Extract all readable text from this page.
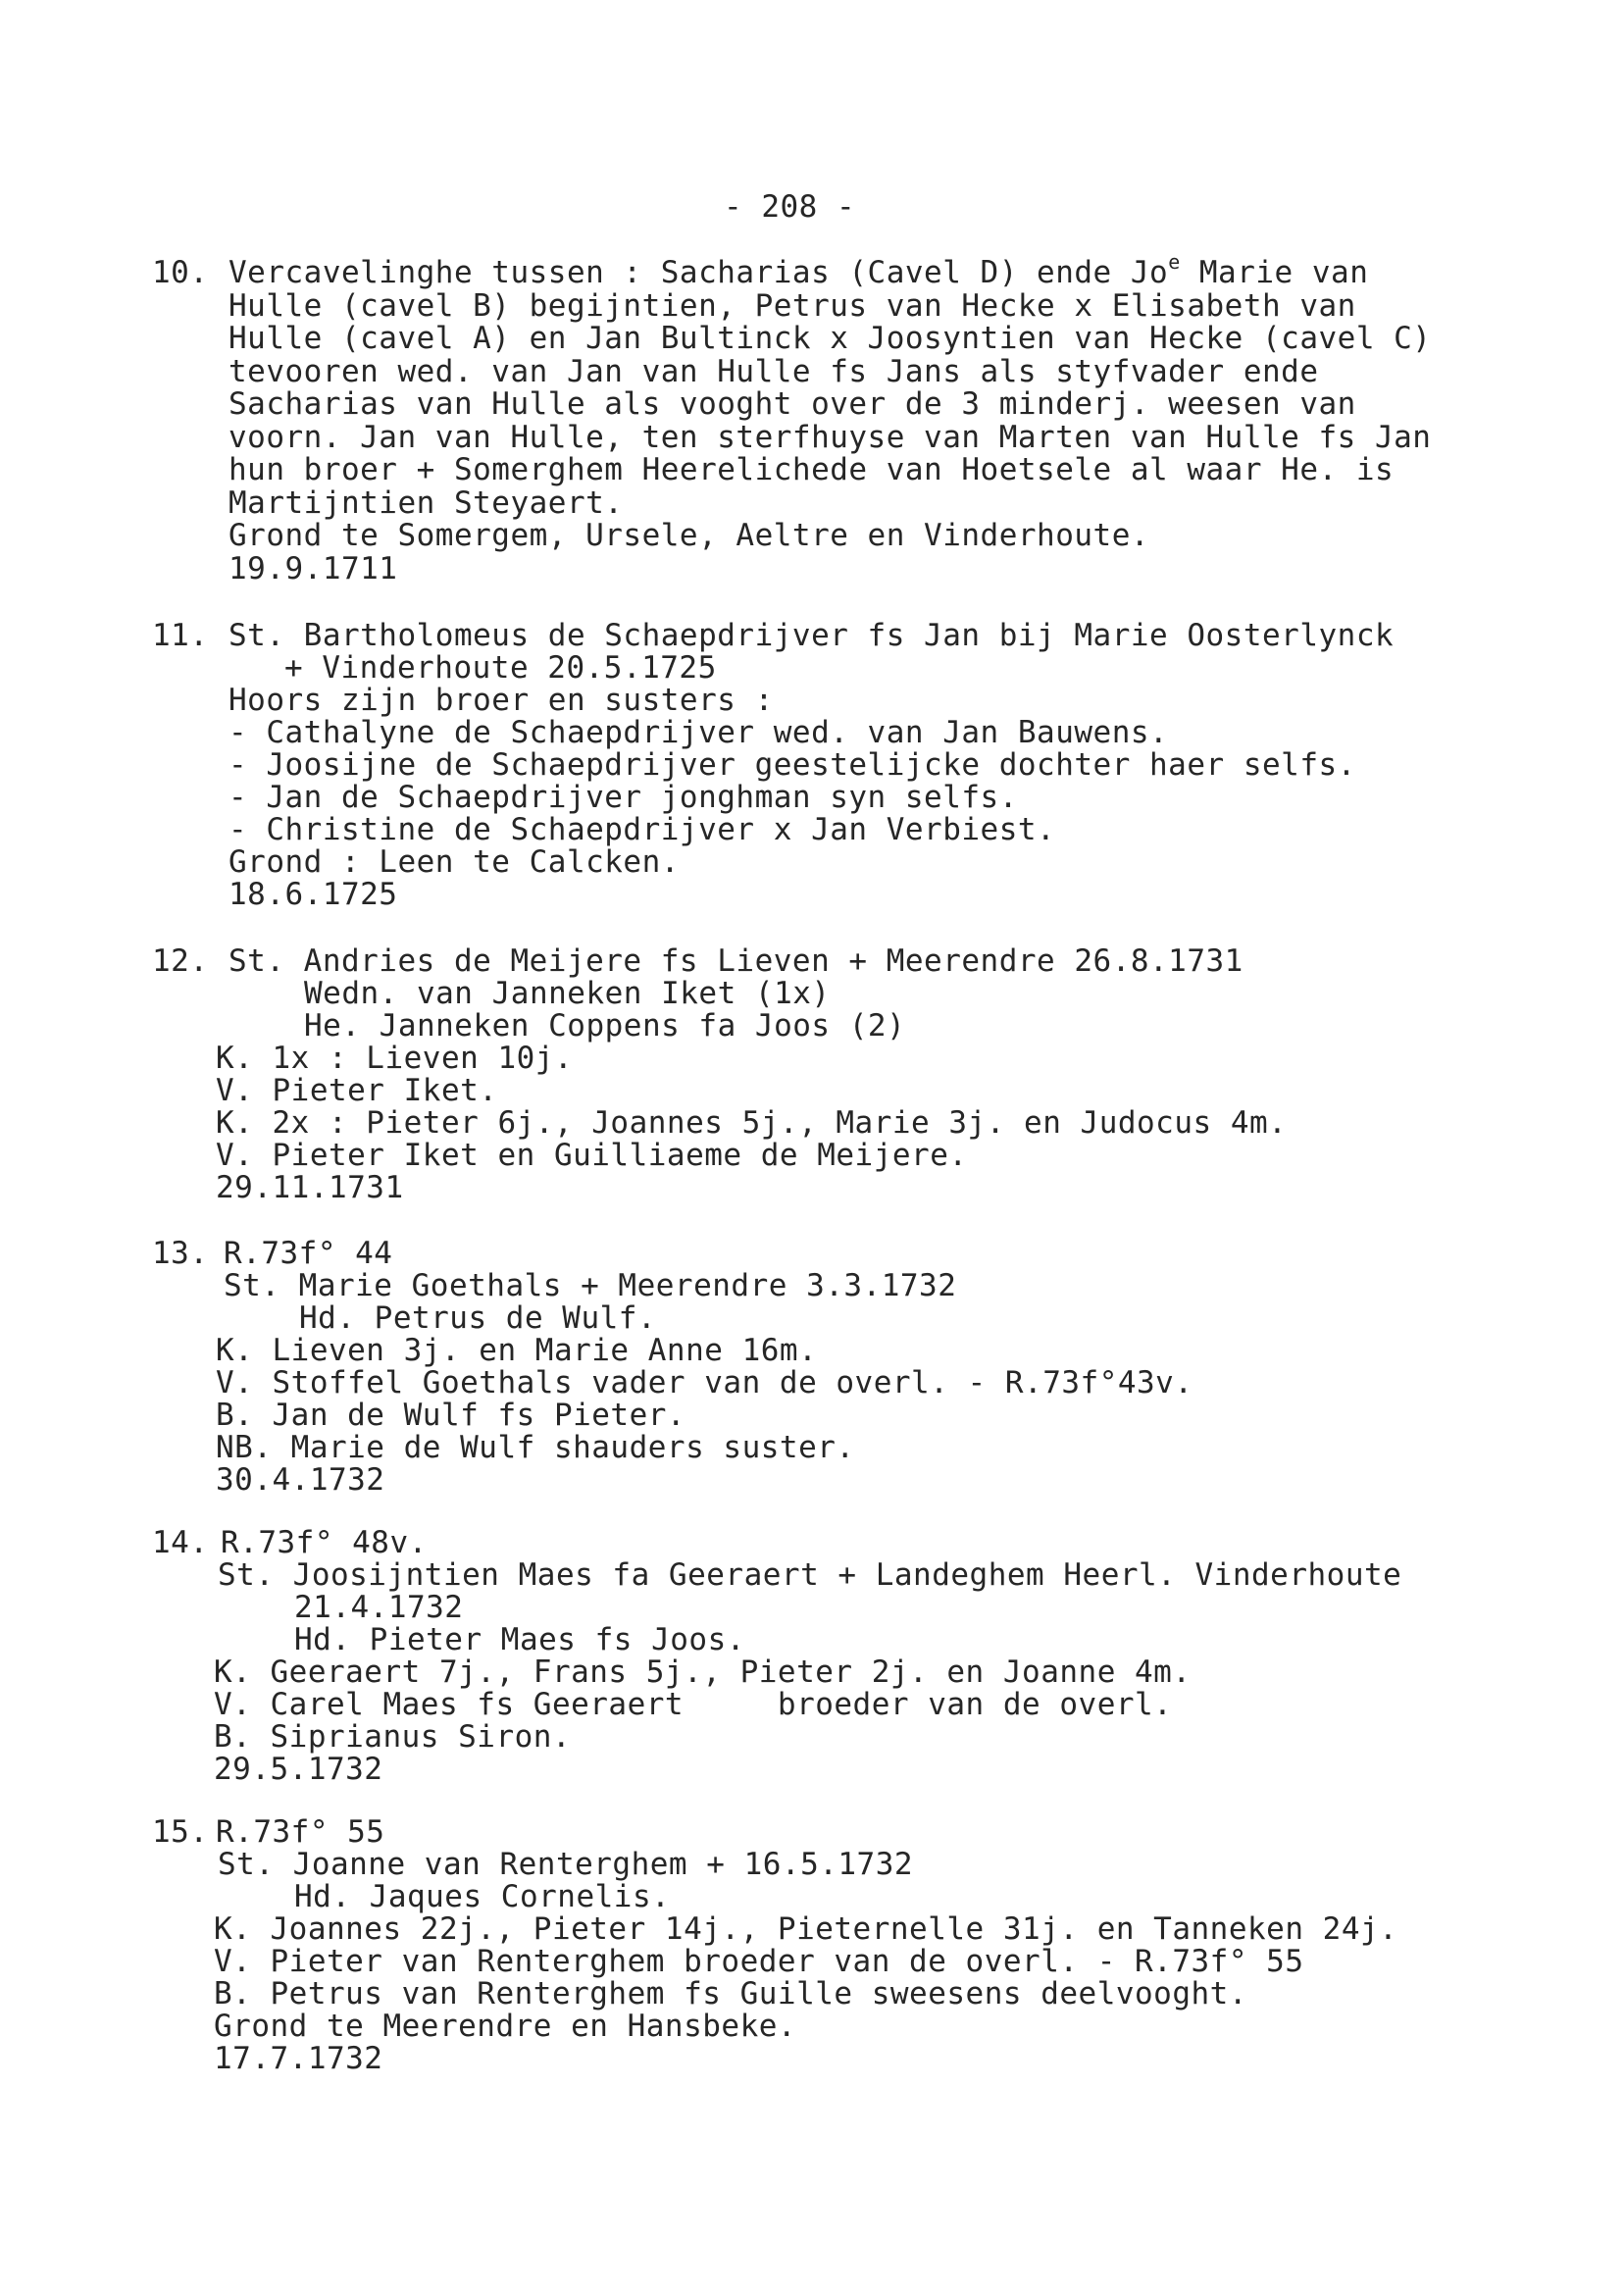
- 208 -
10. Vercavelinghe tussen : Sacharias (Cavel D) ende Jo$^e$ Marie van
Hulle (cavel B) begijntien, Petrus van Hecke x Elisabeth van
Hulle (cavel A) en Jan Bultinck x Joosyntien van Hecke (cavel C)
tevooren wed. van Jan van Hulle fs Jans als styfvader ende
Sacharias van Hulle als vooght over de 3 minderj. weesen van
voorn. Jan van Hulle, ten sterfhuyse van Marten van Hulle fs Jan
hun broer + Somerghem Heerelichede van Hoetsele al waar He. is
Martijntien Steyaert.
Grond te Somergem, Ursele, Aeltre en Vinderhoute.
19.9.1711
11. St. Bartholomeus de Schaepdrijver fs Jan bij Marie Oosterlynck
+ Vinderhoute 20.5.1725
Hoors zijn broer en susters :
- Cathalyne de Schaepdrijver wed. van Jan Bauwens.
- Joosijne de Schaepdrijver geestelijcke dochter haer selfs.
- Jan de Schaepdrijver jonghman syn selfs.
- Christine de Schaepdrijver x Jan Verbiest.
Grond : Leen te Calcken.
18.6.1725
12. St. Andries de Meijere fs Lieven + Meerendre 26.8.1731
Wedn. van Janneken Iket (1x)
He. Janneken Coppens fa Joos (2)
K. 1x : Lieven 10j.
V. Pieter Iket.
K. 2x : Pieter 6j., Joannes 5j., Marie 3j. en Judocus 4m.
V. Pieter Iket en Guilliaeme de Meijere.
29.11.1731
13. R.73f° 44
St. Marie Goethals + Meerendre 3.3.1732
Hd. Petrus de Wulf.
K. Lieven 3j. en Marie Anne 16m.
V. Stoffel Goethals vader van de overl. - R.73f°43v.
B. Jan de Wulf fs Pieter.
NB. Marie de Wulf shauders suster.
30.4.1732
14. R.73f° 48v.
St. Joosijntien Maes fa Geeraert + Landeghem Heerl. Vinderhoute
21.4.1732
Hd. Pieter Maes fs Joos.
K. Geeraert 7j., Frans 5j., Pieter 2j. en Joanne 4m.
V. Carel Maes fs Geeraert     broeder van de overl.
B. Siprianus Siron.
29.5.1732
15. R.73f° 55
St. Joanne van Renterghem + 16.5.1732
Hd. Jaques Cornelis.
K. Joannes 22j., Pieter 14j., Pieternelle 31j. en Tanneken 24j.
V. Pieter van Renterghem broeder van de overl. - R.73f° 55
B. Petrus van Renterghem fs Guille sweesens deelvooght.
Grond te Meerendre en Hansbeke.
17.7.1732
